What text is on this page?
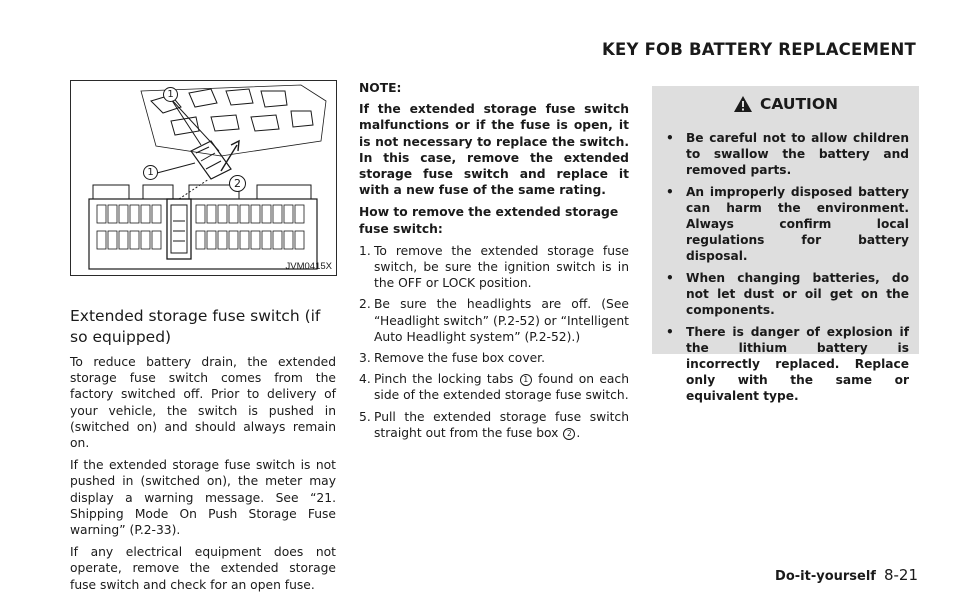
KEY FOB BATTERY REPLACEMENT
1
1
2
JVM0415X
Extended storage fuse switch (if so equipped)

To reduce battery drain, the extended storage fuse switch comes from the factory switched off. Prior to delivery of your vehicle, the switch is pushed in (switched on) and should always remain on.

If the extended storage fuse switch is not pushed in (switched on), the meter may display a warning message. See “21. Shipping Mode On Push Storage Fuse warning” (P.2-33).

If any electrical equipment does not operate, remove the extended storage fuse switch and check for an open fuse.

NOTE:

If the extended storage fuse switch malfunctions or if the fuse is open, it is not necessary to replace the switch. In this case, remove the extended storage fuse switch and replace it with a new fuse of the same rating.

How to remove the extended storage fuse switch:

1. To remove the extended storage fuse switch, be sure the ignition switch is in the OFF or LOCK position.
2. Be sure the headlights are off. (See “Headlight switch” (P.2-52) or “Intelligent Auto Headlight system” (P.2-52).)
3. Remove the fuse box cover.
4. Pinch the locking tabs 1 found on each side of the extended storage fuse switch.
5. Pull the extended storage fuse switch straight out from the fuse box 2 .
CAUTION
• Be careful not to allow children to swallow the battery and removed parts.
• An improperly disposed battery can harm the environment. Always confirm local regulations for battery disposal.
• When changing batteries, do not let dust or oil get on the components.
• There is danger of explosion if the lithium battery is incorrectly replaced. Replace only with the same or equivalent type.
Do-it-yourself 8-21
